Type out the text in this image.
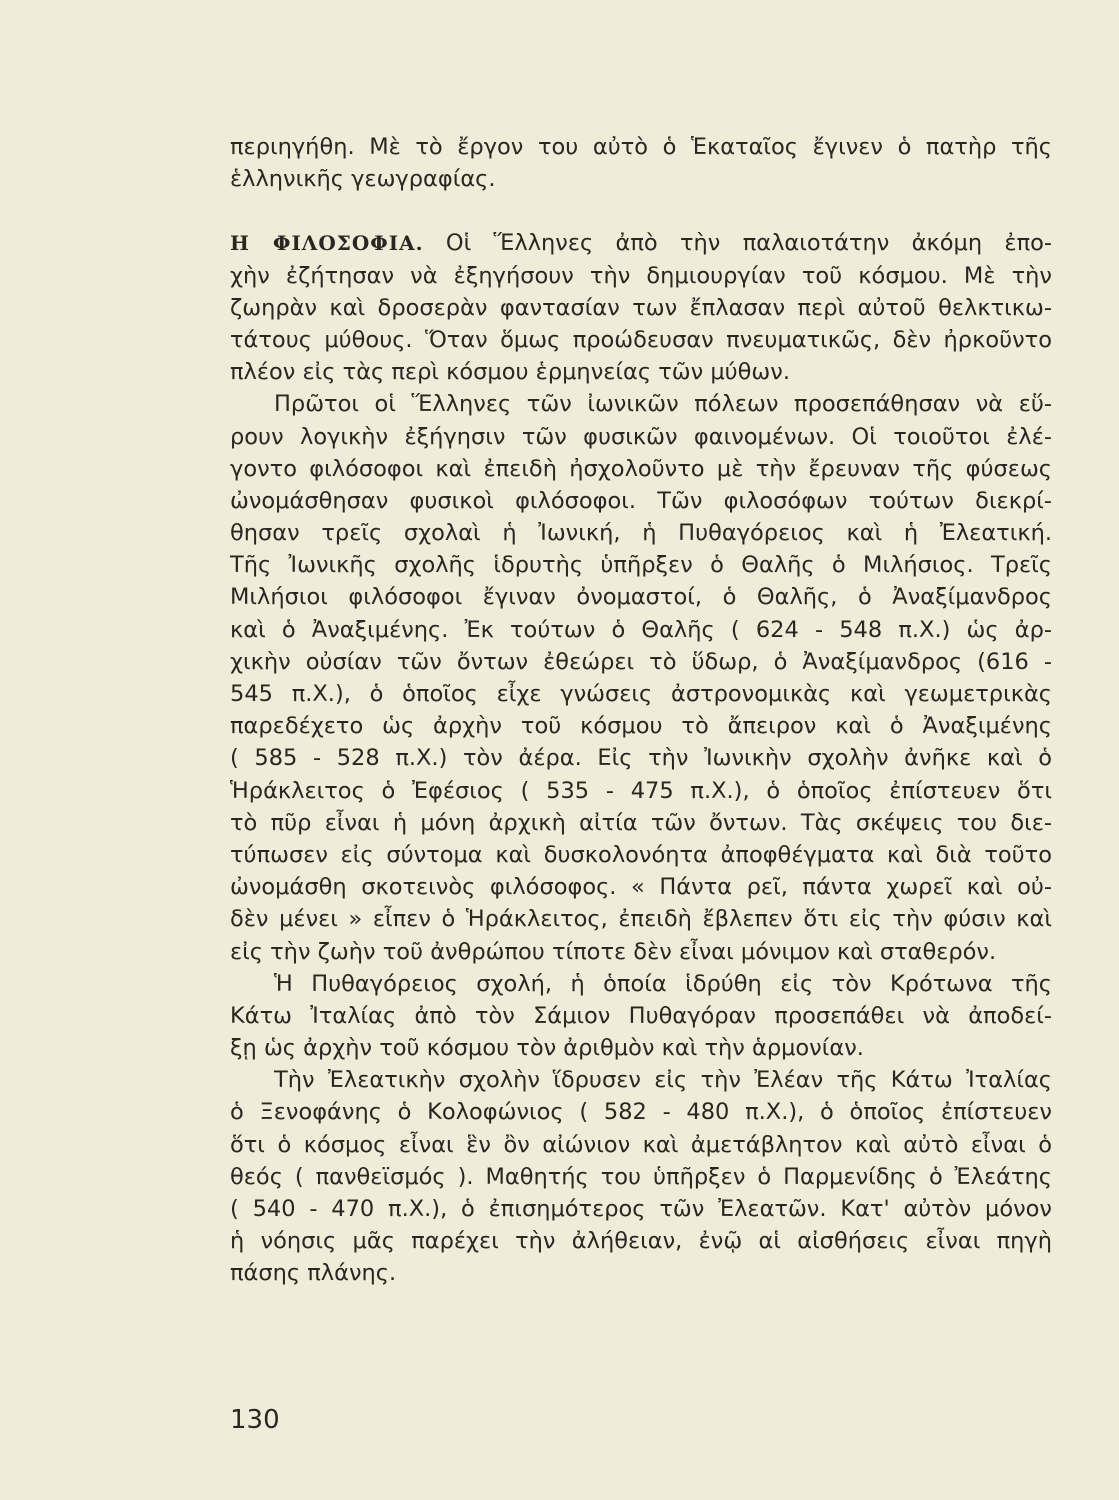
περιηγήθη. Μὲ τὸ ἔργον του αὐτὸ ὁ Ἑκαταῖος ἔγινεν ὁ πατὴρ τῆς
ἑλληνικῆς γεωγραφίας.
Η ΦΙΛΟΣΟΦΙΑ. Οἱ Ἕλληνες ἀπὸ τὴν παλαιοτάτην ἀκόμη ἐπο-
χὴν ἐζήτησαν νὰ ἐξηγήσουν τὴν δημιουργίαν τοῦ κόσμου. Μὲ τὴν
ζωηρὰν καὶ δροσερὰν φαντασίαν των ἔπλασαν περὶ αὐτοῦ θελκτικω-
τάτους μύθους. Ὅταν ὅμως προώδευσαν πνευματικῶς, δὲν ἠρκοῦντο
πλέον εἰς τὰς περὶ κόσμου ἑρμηνείας τῶν μύθων.
Πρῶτοι οἱ Ἕλληνες τῶν ἰωνικῶν πόλεων προσεπάθησαν νὰ εὕ-
ρουν λογικὴν ἐξήγησιν τῶν φυσικῶν φαινομένων. Οἱ τοιοῦτοι ἐλέ-
γοντο φιλόσοφοι καὶ ἐπειδὴ ἠσχολοῦντο μὲ τὴν ἔρευναν τῆς φύσεως
ὠνομάσθησαν φυσικοὶ φιλόσοφοι. Τῶν φιλοσόφων τούτων διεκρί-
θησαν τρεῖς σχολαὶ ἡ Ἰωνική, ἡ Πυθαγόρειος καὶ ἡ Ἐλεατική.
Τῆς Ἰωνικῆς σχολῆς ἱδρυτὴς ὑπῆρξεν ὁ Θαλῆς ὁ Μιλήσιος. Τρεῖς
Μιλήσιοι φιλόσοφοι ἔγιναν ὀνομαστοί, ὁ Θαλῆς, ὁ Ἀναξίμανδρος
καὶ ὁ Ἀναξιμένης. Ἐκ τούτων ὁ Θαλῆς ( 624 - 548 π.Χ.) ὡς ἀρ-
χικὴν οὐσίαν τῶν ὄντων ἐθεώρει τὸ ὕδωρ, ὁ Ἀναξίμανδρος (616 -
545 π.Χ.), ὁ ὁποῖος εἶχε γνώσεις ἀστρονομικὰς καὶ γεωμετρικὰς
παρεδέχετο ὡς ἀρχὴν τοῦ κόσμου τὸ ἄπειρον καὶ ὁ Ἀναξιμένης
( 585 - 528 π.Χ.) τὸν ἀέρα. Εἰς τὴν Ἰωνικὴν σχολὴν ἀνῆκε καὶ ὁ
Ἡράκλειτος ὁ Ἐφέσιος ( 535 - 475 π.Χ.), ὁ ὁποῖος ἐπίστευεν ὅτι
τὸ πῦρ εἶναι ἡ μόνη ἀρχικὴ αἰτία τῶν ὄντων. Τὰς σκέψεις του διε-
τύπωσεν εἰς σύντομα καὶ δυσκολονόητα ἀποφθέγματα καὶ διὰ τοῦτο
ὠνομάσθη σκοτεινὸς φιλόσοφος. « Πάντα ρεῖ, πάντα χωρεῖ καὶ οὐ-
δὲν μένει » εἶπεν ὁ Ἡράκλειτος, ἐπειδὴ ἔβλεπεν ὅτι εἰς τὴν φύσιν καὶ
εἰς τὴν ζωὴν τοῦ ἀνθρώπου τίποτε δὲν εἶναι μόνιμον καὶ σταθερόν.
Ἡ Πυθαγόρειος σχολή, ἡ ὁποία ἱδρύθη εἰς τὸν Κρότωνα τῆς
Κάτω Ἰταλίας ἀπὸ τὸν Σάμιον Πυθαγόραν προσεπάθει νὰ ἀποδεί-
ξῃ ὡς ἀρχὴν τοῦ κόσμου τὸν ἀριθμὸν καὶ τὴν ἁρμονίαν.
Τὴν Ἐλεατικὴν σχολὴν ἵδρυσεν εἰς τὴν Ἐλέαν τῆς Κάτω Ἰταλίας
ὁ Ξενοφάνης ὁ Κολοφώνιος ( 582 - 480 π.Χ.), ὁ ὁποῖος ἐπίστευεν
ὅτι ὁ κόσμος εἶναι ἓν ὂν αἰώνιον καὶ ἀμετάβλητον καὶ αὐτὸ εἶναι ὁ
θεός ( πανθεϊσμός ). Μαθητής του ὑπῆρξεν ὁ Παρμενίδης ὁ Ἐλεάτης
( 540 - 470 π.Χ.), ὁ ἐπισημότερος τῶν Ἐλεατῶν. Κατ' αὐτὸν μόνον
ἡ νόησις μᾶς παρέχει τὴν ἀλήθειαν, ἐνῷ αἱ αἰσθήσεις εἶναι πηγὴ
πάσης πλάνης.
130
